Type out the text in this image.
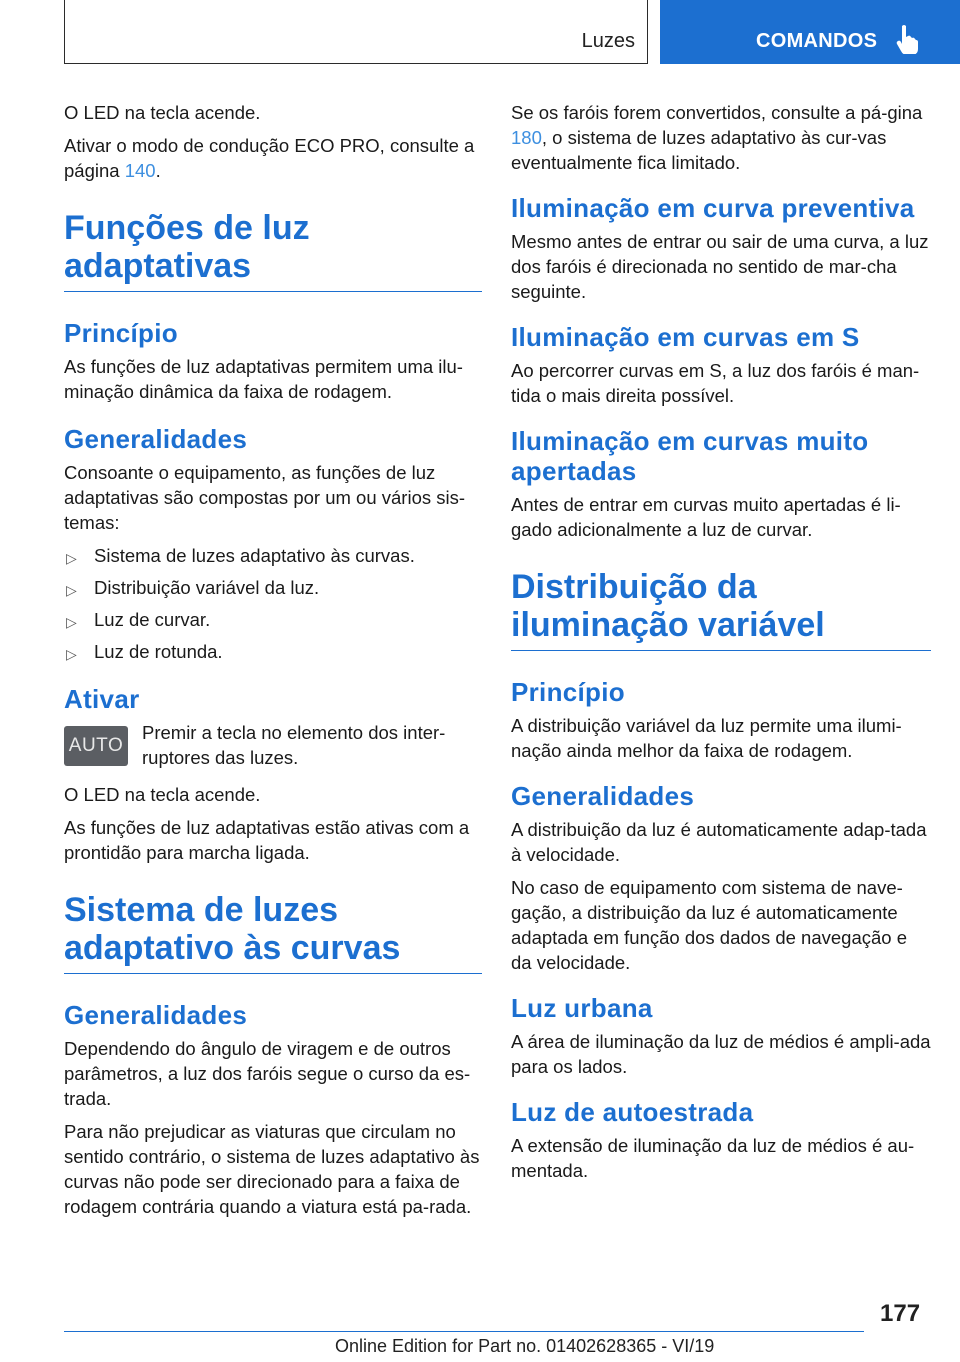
Luzes	COMANDOS

O LED na tecla acende.

Ativar o modo de condução ECO PRO, consulte a página 140.

Funções de luz adaptativas
Princípio

As funções de luz adaptativas permitem uma ilu-minação dinâmica da faixa de rodagem.

Generalidades

Consoante o equipamento, as funções de luz adaptativas são compostas por um ou vários sis-temas:

▷ Sistema de luzes adaptativo às curvas.
▷ Distribuição variável da luz.
▷ Luz de curvar.
▷ Luz de rotunda.
Ativar
AUTO

Premir a tecla no elemento dos inter-ruptores das luzes.

O LED na tecla acende.

As funções de luz adaptativas estão ativas com a prontidão para marcha ligada.

Sistema de luzes adaptativo às curvas
Generalidades

Dependendo do ângulo de viragem e de outros parâmetros, a luz dos faróis segue o curso da es-trada.

Para não prejudicar as viaturas que circulam no sentido contrário, o sistema de luzes adaptativo às curvas não pode ser direcionado para a faixa de rodagem contrária quando a viatura está pa-rada.

Se os faróis forem convertidos, consulte a pá-gina 180, o sistema de luzes adaptativo às cur-vas eventualmente fica limitado.

Iluminação em curva preventiva

Mesmo antes de entrar ou sair de uma curva, a luz dos faróis é direcionada no sentido de mar-cha seguinte.

Iluminação em curvas em S

Ao percorrer curvas em S, a luz dos faróis é man-tida o mais direita possível.

Iluminação em curvas muito apertadas

Antes de entrar em curvas muito apertadas é li-gado adicionalmente a luz de curvar.

Distribuição da iluminação variável
Princípio

A distribuição variável da luz permite uma ilumi-nação ainda melhor da faixa de rodagem.

Generalidades

A distribuição da luz é automaticamente adap-tada à velocidade.

No caso de equipamento com sistema de nave-gação, a distribuição da luz é automaticamente adaptada em função dos dados de navegação e da velocidade.

Luz urbana

A área de iluminação da luz de médios é ampli-ada para os lados.

Luz de autoestrada

A extensão de iluminação da luz de médios é au-mentada.

177
Online Edition for Part no. 01402628365 - VI/19
